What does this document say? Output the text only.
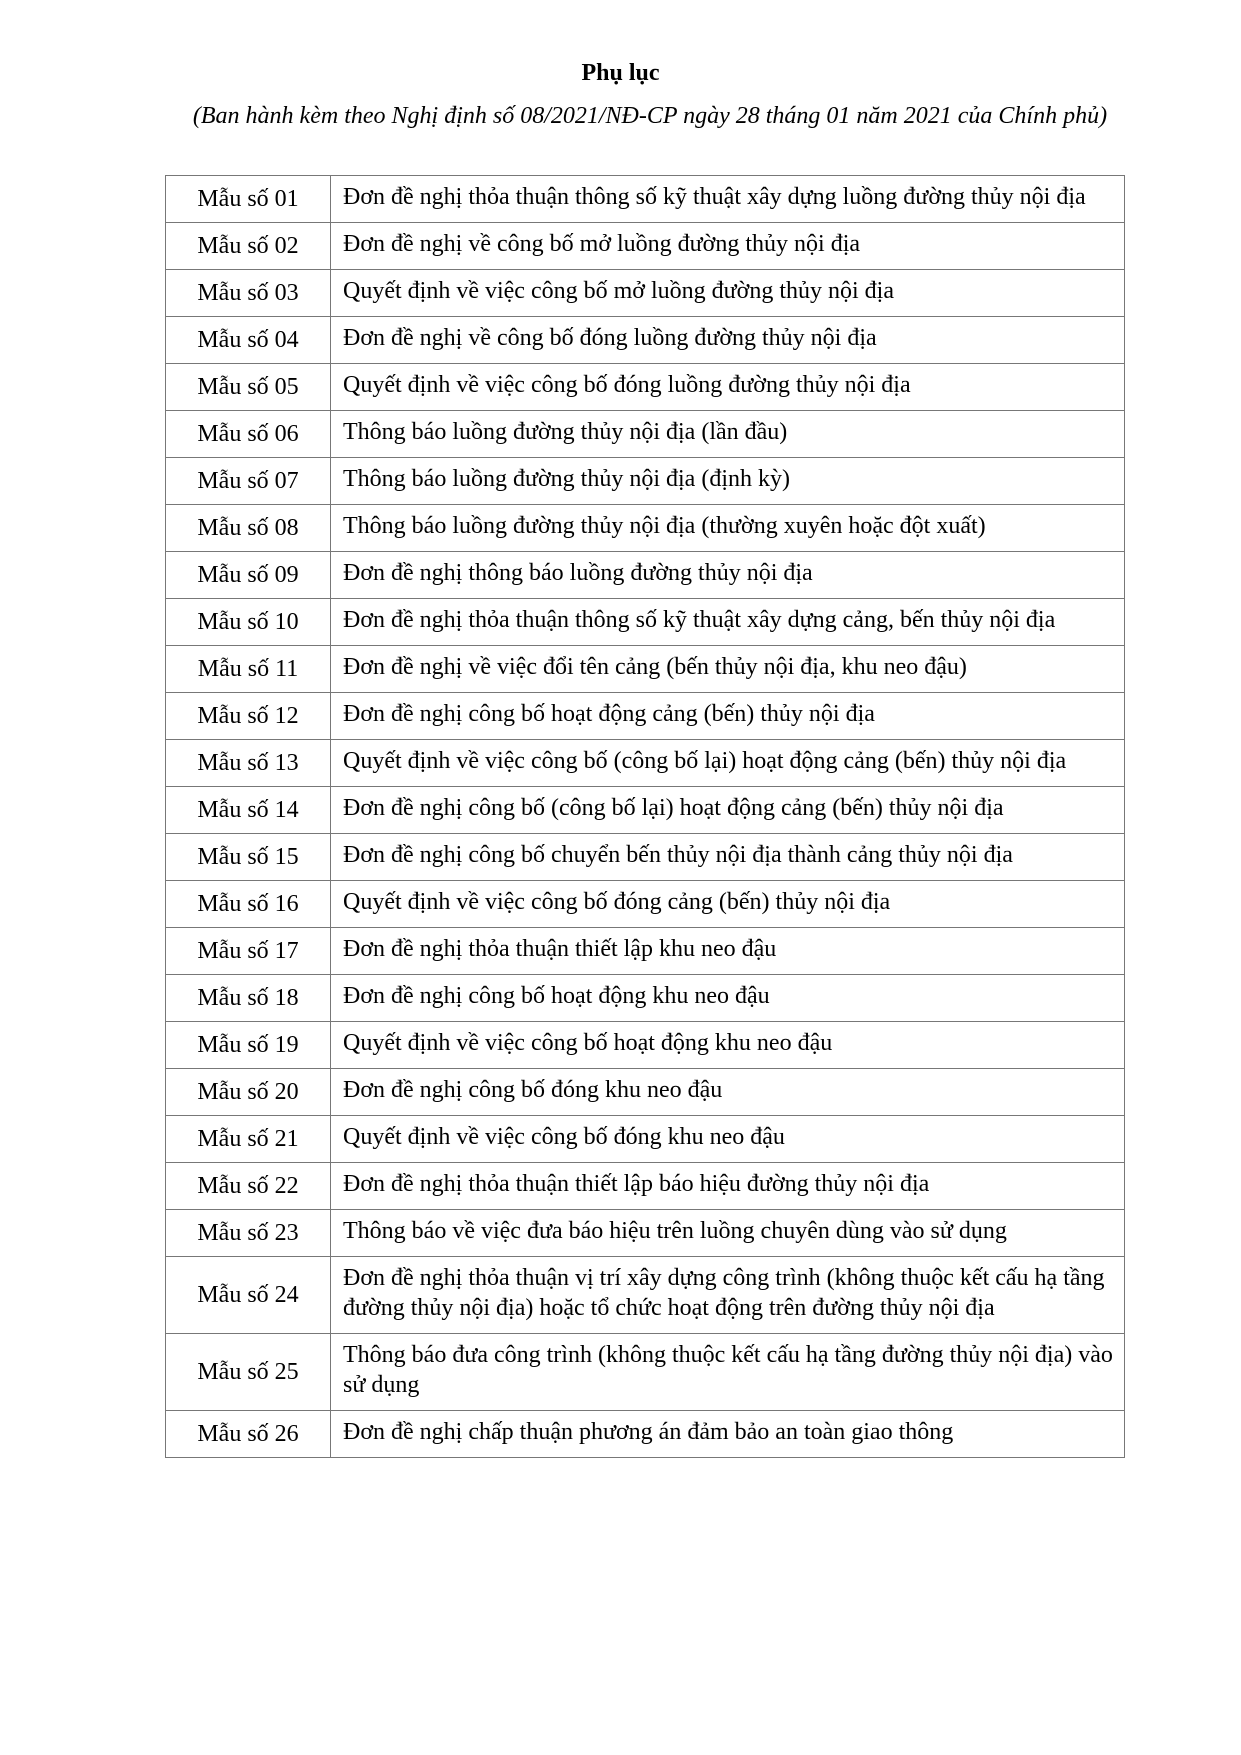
Phụ lục
(Ban hành kèm theo Nghị định số 08/2021/NĐ-CP ngày 28 tháng 01 năm 2021 của Chính phủ)
Mẫu số 01	Đơn đề nghị thỏa thuận thông số kỹ thuật xây dựng luồng đường thủy nội địa
Mẫu số 02	Đơn đề nghị về công bố mở luồng đường thủy nội địa
Mẫu số 03	Quyết định về việc công bố mở luồng đường thủy nội địa
Mẫu số 04	Đơn đề nghị về công bố đóng luồng đường thủy nội địa
Mẫu số 05	Quyết định về việc công bố đóng luồng đường thủy nội địa
Mẫu số 06	Thông báo luồng đường thủy nội địa (lần đầu)
Mẫu số 07	Thông báo luồng đường thủy nội địa (định kỳ)
Mẫu số 08	Thông báo luồng đường thủy nội địa (thường xuyên hoặc đột xuất)
Mẫu số 09	Đơn đề nghị thông báo luồng đường thủy nội địa
Mẫu số 10	Đơn đề nghị thỏa thuận thông số kỹ thuật xây dựng cảng, bến thủy nội địa
Mẫu số 11	Đơn đề nghị về việc đổi tên cảng (bến thủy nội địa, khu neo đậu)
Mẫu số 12	Đơn đề nghị công bố hoạt động cảng (bến) thủy nội địa
Mẫu số 13	Quyết định về việc công bố (công bố lại) hoạt động cảng (bến) thủy nội địa
Mẫu số 14	Đơn đề nghị công bố (công bố lại) hoạt động cảng (bến) thủy nội địa
Mẫu số 15	Đơn đề nghị công bố chuyển bến thủy nội địa thành cảng thủy nội địa
Mẫu số 16	Quyết định về việc công bố đóng cảng (bến) thủy nội địa
Mẫu số 17	Đơn đề nghị thỏa thuận thiết lập khu neo đậu
Mẫu số 18	Đơn đề nghị công bố hoạt động khu neo đậu
Mẫu số 19	Quyết định về việc công bố hoạt động khu neo đậu
Mẫu số 20	Đơn đề nghị công bố đóng khu neo đậu
Mẫu số 21	Quyết định về việc công bố đóng khu neo đậu
Mẫu số 22	Đơn đề nghị thỏa thuận thiết lập báo hiệu đường thủy nội địa
Mẫu số 23	Thông báo về việc đưa báo hiệu trên luồng chuyên dùng vào sử dụng
Mẫu số 24	Đơn đề nghị thỏa thuận vị trí xây dựng công trình (không thuộc kết cấu hạ tầng đường thủy nội địa) hoặc tổ chức hoạt động trên đường thủy nội địa
Mẫu số 25	Thông báo đưa công trình (không thuộc kết cấu hạ tầng đường thủy nội địa) vào sử dụng
Mẫu số 26	Đơn đề nghị chấp thuận phương án đảm bảo an toàn giao thông
